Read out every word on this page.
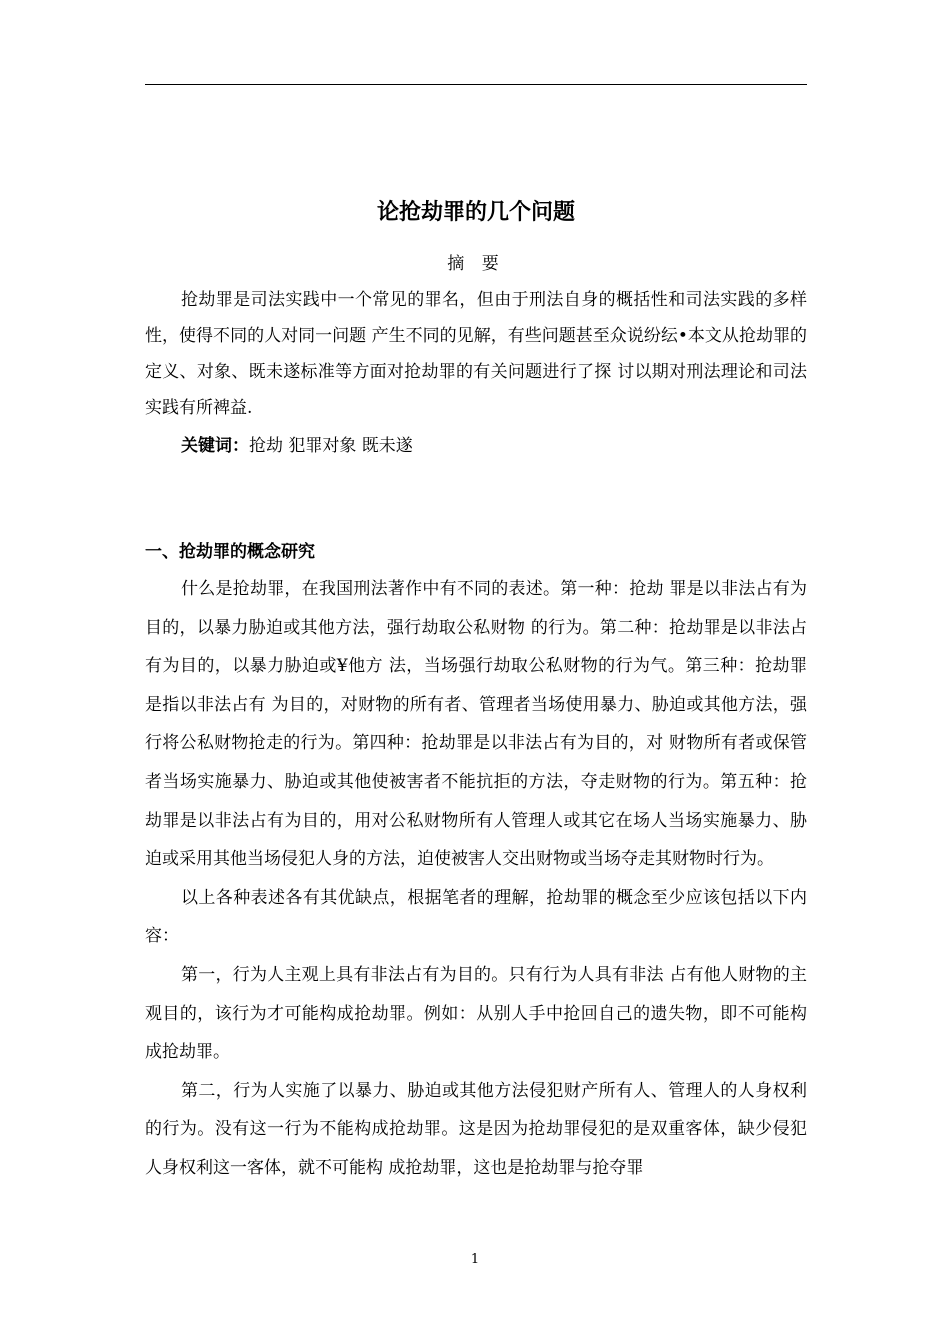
论抢劫罪的几个问题
摘 要

抢劫罪是司法实践中一个常见的罪名，但由于刑法自身的概括性和司法实践的多样性，使得不同的人对同一问题 产生不同的见解，有些问题甚至众说纷纭•本文从抢劫罪的定义、对象、既未遂标准等方面对抢劫罪的有关问题进行了探 讨以期对刑法理论和司法实践有所裨益.

关键词：抢劫 犯罪对象 既未遂
一、抢劫罪的概念研究

什么是抢劫罪，在我国刑法著作中有不同的表述。第一种：抢劫 罪是以非法占有为目的，以暴力胁迫或其他方法，强行劫取公私财物 的行为。第二种：抢劫罪是以非法占有为目的，以暴力胁迫或¥他方 法，当场强行劫取公私财物的行为气。第三种：抢劫罪是指以非法占有 为目的，对财物的所有者、管理者当场使用暴力、胁迫或其他方法，强行将公私财物抢走的行为。第四种：抢劫罪是以非法占有为目的，对 财物所有者或保管者当场实施暴力、胁迫或其他使被害者不能抗拒的方法，夺走财物的行为。第五种：抢劫罪是以非法占有为目的，用对公私财物所有人管理人或其它在场人当场实施暴力、胁迫或采用其他当场侵犯人身的方法，迫使被害人交出财物或当场夺走其财物时行为。

以上各种表述各有其优缺点，根据笔者的理解，抢劫罪的概念至少应该包括以下内容：

第一，行为人主观上具有非法占有为目的。只有行为人具有非法 占有他人财物的主观目的，该行为才可能构成抢劫罪。例如：从别人手中抢回自己的遗失物，即不可能构成抢劫罪。

第二，行为人实施了以暴力、胁迫或其他方法侵犯财产所有人、管理人的人身权利的行为。没有这一行为不能构成抢劫罪。这是因为抢劫罪侵犯的是双重客体，缺少侵犯人身权利这一客体，就不可能构 成抢劫罪，这也是抢劫罪与抢夺罪

1
